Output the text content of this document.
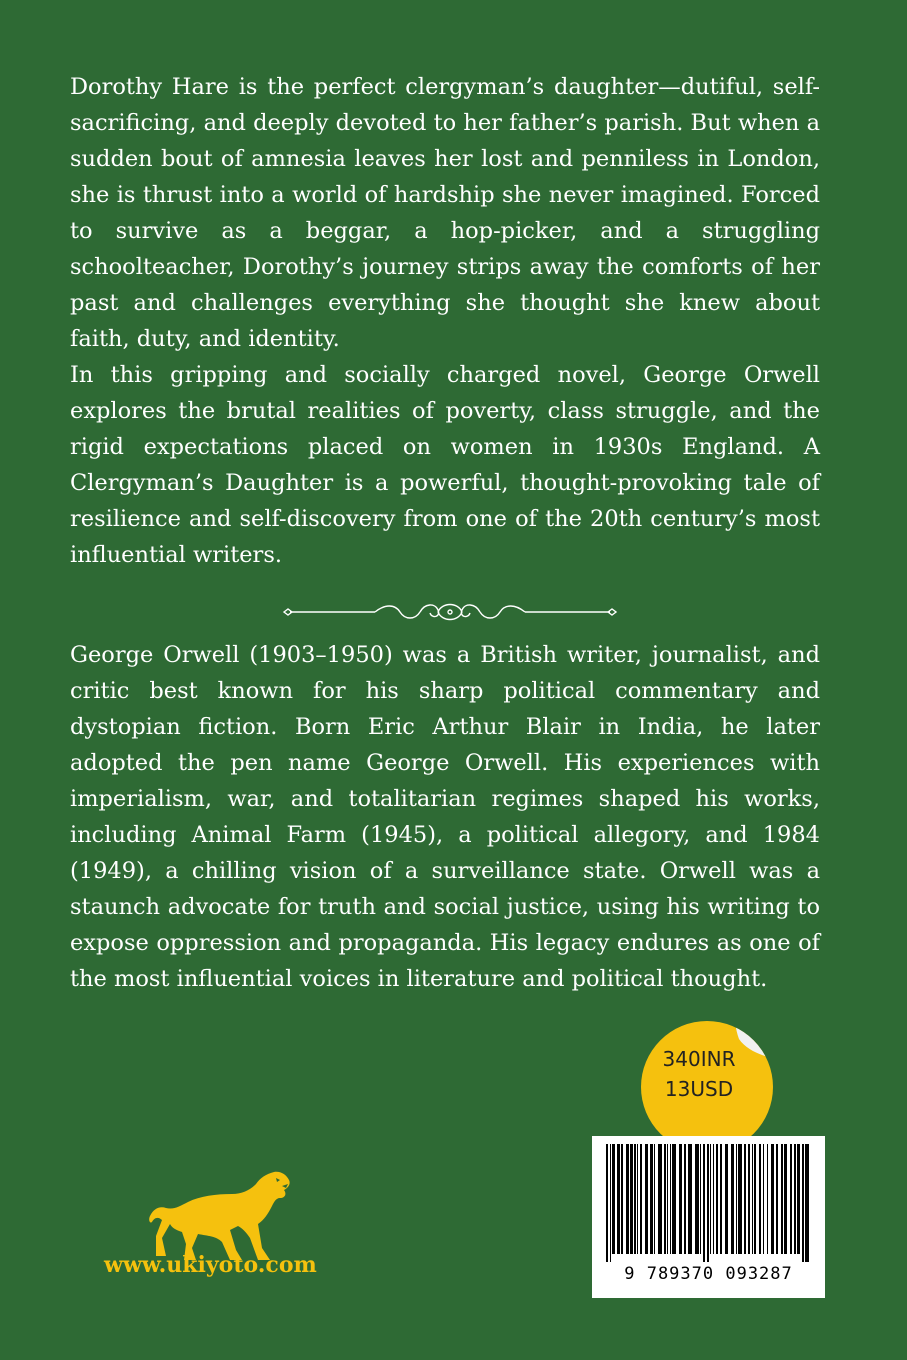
Dorothy Hare is the perfect clergyman’s daughter—dutiful, self-sacrificing, and deeply devoted to her father’s parish. But when a sudden bout of amnesia leaves her lost and penniless in London, she is thrust into a world of hardship she never imagined. Forced to survive as a beggar, a hop-picker, and a struggling schoolteacher, Dorothy’s journey strips away the comforts of her past and challenges everything she thought she knew about faith, duty, and identity.

In this gripping and socially charged novel, George Orwell explores the brutal realities of poverty, class struggle, and the rigid expectations placed on women in 1930s England. A Clergyman’s Daughter is a powerful, thought-provoking tale of resilience and self-discovery from one of the 20th century’s most influential writers.

George Orwell (1903–1950) was a British writer, journalist, and critic best known for his sharp political commentary and dystopian fiction. Born Eric Arthur Blair in India, he later adopted the pen name George Orwell. His experiences with imperialism, war, and totalitarian regimes shaped his works, including Animal Farm (1945), a political allegory, and 1984 (1949), a chilling vision of a surveillance state. Orwell was a staunch advocate for truth and social justice, using his writing to expose oppression and propaganda. His legacy endures as one of the most influential voices in literature and political thought.

340INR
13USD
9 789370 093287
www.ukiyoto.com
